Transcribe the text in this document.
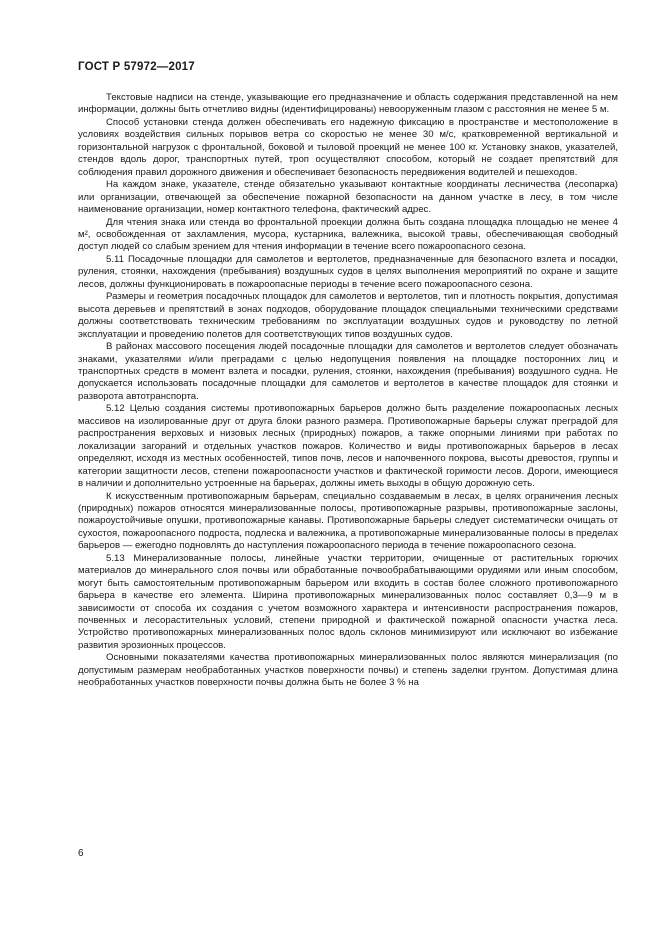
ГОСТ Р 57972—2017

Текстовые надписи на стенде, указывающие его предназначение и область содержания представленной на нем информации, должны быть отчетливо видны (идентифицированы) невооруженным глазом с расстояния не менее 5 м.

Способ установки стенда должен обеспечивать его надежную фиксацию в пространстве и местоположение в условиях воздействия сильных порывов ветра со скоростью не менее 30 м/с, кратковременной вертикальной и горизонтальной нагрузок с фронтальной, боковой и тыловой проекций не менее 100 кг. Установку знаков, указателей, стендов вдоль дорог, транспортных путей, троп осуществляют способом, который не создает препятствий для соблюдения правил дорожного движения и обеспечивает безопасность передвижения водителей и пешеходов.

На каждом знаке, указателе, стенде обязательно указывают контактные координаты лесничества (лесопарка) или организации, отвечающей за обеспечение пожарной безопасности на данном участке в лесу, в том числе наименование организации, номер контактного телефона, фактический адрес.

Для чтения знака или стенда во фронтальной проекции должна быть создана площадка площадью не менее 4 м², освобожденная от захламления, мусора, кустарника, валежника, высокой травы, обеспечивающая свободный доступ людей со слабым зрением для чтения информации в течение всего пожароопасного сезона.

5.11 Посадочные площадки для самолетов и вертолетов, предназначенные для безопасного взлета и посадки, руления, стоянки, нахождения (пребывания) воздушных судов в целях выполнения мероприятий по охране и защите лесов, должны функционировать в пожароопасные периоды в течение всего пожароопасного сезона.

Размеры и геометрия посадочных площадок для самолетов и вертолетов, тип и плотность покрытия, допустимая высота деревьев и препятствий в зонах подходов, оборудование площадок специальными техническими средствами должны соответствовать техническим требованиям по эксплуатации воздушных судов и руководству по летной эксплуатации и проведению полетов для соответствующих типов воздушных судов.

В районах массового посещения людей посадочные площадки для самолетов и вертолетов следует обозначать знаками, указателями и/или преградами с целью недопущения появления на площадке посторонних лиц и транспортных средств в момент взлета и посадки, руления, стоянки, нахождения (пребывания) воздушного судна. Не допускается использовать посадочные площадки для самолетов и вертолетов в качестве площадок для стоянки и разворота автотранспорта.

5.12 Целью создания системы противопожарных барьеров должно быть разделение пожароопасных лесных массивов на изолированные друг от друга блоки разного размера. Противопожарные барьеры служат преградой для распространения верховых и низовых лесных (природных) пожаров, а также опорными линиями при работах по локализации загораний и отдельных участков пожаров. Количество и виды противопожарных барьеров в лесах определяют, исходя из местных особенностей, типов почв, лесов и напочвенного покрова, высоты древостоя, группы и категории защитности лесов, степени пожароопасности участков и фактической горимости лесов. Дороги, имеющиеся в наличии и дополнительно устроенные на барьерах, должны иметь выходы в общую дорожную сеть.

К искусственным противопожарным барьерам, специально создаваемым в лесах, в целях ограничения лесных (природных) пожаров относятся минерализованные полосы, противопожарные разрывы, противопожарные заслоны, пожароустойчивые опушки, противопожарные канавы. Противопожарные барьеры следует систематически очищать от сухостоя, пожароопасного подроста, подлеска и валежника, а противопожарные минерализованные полосы в пределах барьеров — ежегодно подновлять до наступления пожароопасного периода в течение пожароопасного сезона.

5.13 Минерализованные полосы, линейные участки территории, очищенные от растительных горючих материалов до минерального слоя почвы или обработанные почвообрабатывающими орудиями или иным способом, могут быть самостоятельным противопожарным барьером или входить в состав более сложного противопожарного барьера в качестве его элемента. Ширина противопожарных минерализованных полос составляет 0,3—9 м в зависимости от способа их создания с учетом возможного характера и интенсивности распространения пожаров, почвенных и лесорастительных условий, степени природной и фактической пожарной опасности участка леса. Устройство противопожарных минерализованных полос вдоль склонов минимизируют или исключают во избежание развития эрозионных процессов.

Основными показателями качества противопожарных минерализованных полос являются минерализация (по допустимым размерам необработанных участков поверхности почвы) и степень заделки грунтом. Допустимая длина необработанных участков поверхности почвы должна быть не более 3 % на

6
